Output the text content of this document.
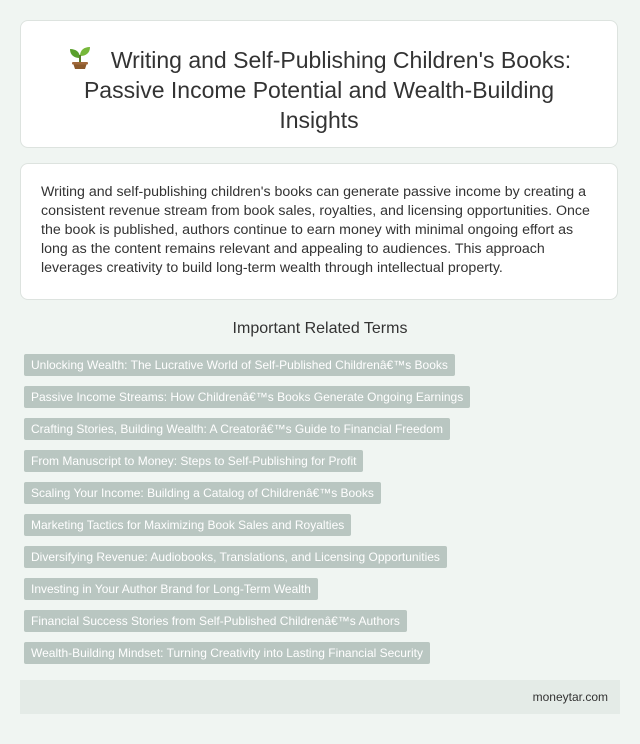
Writing and Self-Publishing Children's Books:
Passive Income Potential and Wealth-Building
Insights

Writing and self-publishing children's books can generate passive income by creating a consistent revenue stream from book sales, royalties, and licensing opportunities. Once the book is published, authors continue to earn money with minimal ongoing effort as long as the content remains relevant and appealing to audiences. This approach leverages creativity to build long-term wealth through intellectual property.

Important Related Terms
Unlocking Wealth: The Lucrative World of Self-Published Childrenâ€™s Books
Passive Income Streams: How Childrenâ€™s Books Generate Ongoing Earnings
Crafting Stories, Building Wealth: A Creatorâ€™s Guide to Financial Freedom
From Manuscript to Money: Steps to Self-Publishing for Profit
Scaling Your Income: Building a Catalog of Childrenâ€™s Books
Marketing Tactics for Maximizing Book Sales and Royalties
Diversifying Revenue: Audiobooks, Translations, and Licensing Opportunities
Investing in Your Author Brand for Long-Term Wealth
Financial Success Stories from Self-Published Childrenâ€™s Authors
Wealth-Building Mindset: Turning Creativity into Lasting Financial Security
moneytar.com
